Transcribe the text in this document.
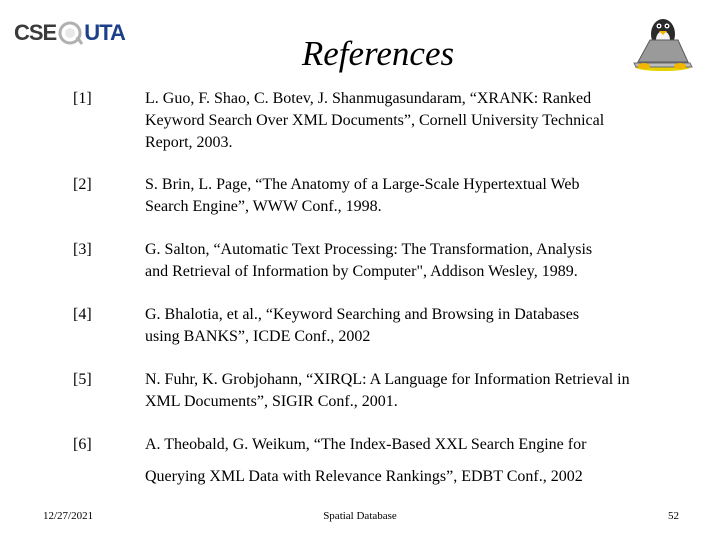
CSE UTA
References
[1]	L. Guo, F. Shao, C. Botev, J. Shanmugasundaram, “XRANK: Ranked
Keyword Search Over XML Documents”, Cornell University Technical
Report, 2003.
[2]	S. Brin, L. Page, “The Anatomy of a Large-Scale Hypertextual Web
Search Engine”, WWW Conf., 1998.
[3]	G. Salton, “Automatic Text Processing: The Transformation, Analysis
and Retrieval of Information by Computer", Addison Wesley, 1989.
[4]	G. Bhalotia, et al., “Keyword Searching and Browsing in Databases
using BANKS”, ICDE Conf., 2002
[5]	N. Fuhr, K. Grobjohann, “XIRQL: A Language for Information Retrieval in
XML Documents”, SIGIR Conf., 2001.
[6]	A. Theobald, G. Weikum, “The Index-Based XXL Search Engine for
Querying XML Data with Relevance Rankings”, EDBT Conf., 2002
12/27/2021	Spatial Database	52
